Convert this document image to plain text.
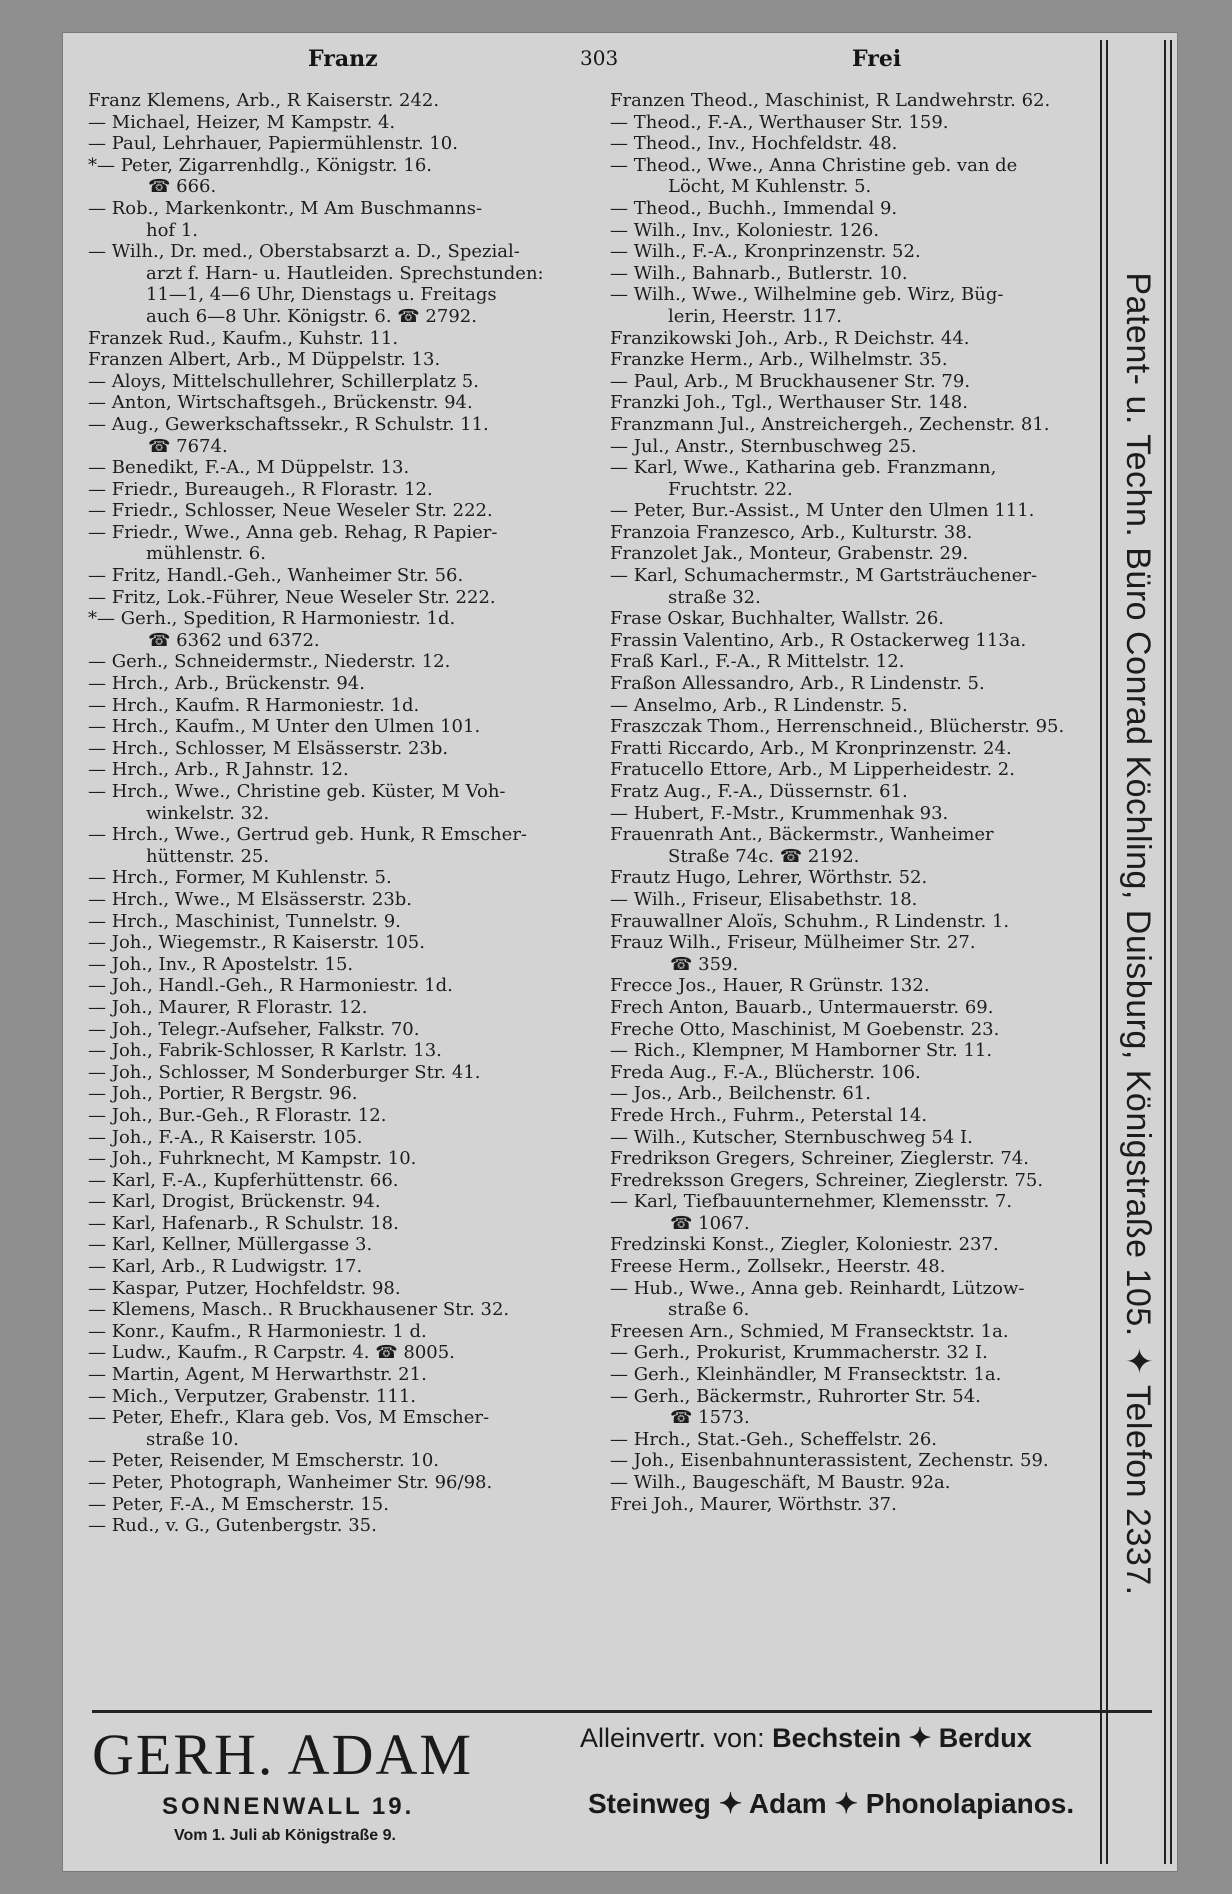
Franz	303	Frei
Franz Klemens, Arb., R Kaiserstr. 242.
— Michael, Heizer, M Kampstr. 4.
— Paul, Lehrhauer, Papiermühlenstr. 10.
*— Peter, Zigarrenhdlg., Königstr. 16.
☎ 666.
— Rob., Markenkontr., M Am Buschmanns-
hof 1.
— Wilh., Dr. med., Oberstabsarzt a. D., Spezial-
arzt f. Harn- u. Hautleiden. Sprechstunden:
11—1, 4—6 Uhr, Dienstags u. Freitags
auch 6—8 Uhr. Königstr. 6. ☎ 2792.
Franzek Rud., Kaufm., Kuhstr. 11.
Franzen Albert, Arb., M Düppelstr. 13.
— Aloys, Mittelschullehrer, Schillerplatz 5.
— Anton, Wirtschaftsgeh., Brückenstr. 94.
— Aug., Gewerkschaftssekr., R Schulstr. 11.
☎ 7674.
— Benedikt, F.-A., M Düppelstr. 13.
— Friedr., Bureaugeh., R Florastr. 12.
— Friedr., Schlosser, Neue Weseler Str. 222.
— Friedr., Wwe., Anna geb. Rehag, R Papier-
mühlenstr. 6.
— Fritz, Handl.-Geh., Wanheimer Str. 56.
— Fritz, Lok.-Führer, Neue Weseler Str. 222.
*— Gerh., Spedition, R Harmoniestr. 1d.
☎ 6362 und 6372.
— Gerh., Schneidermstr., Niederstr. 12.
— Hrch., Arb., Brückenstr. 94.
— Hrch., Kaufm. R Harmoniestr. 1d.
— Hrch., Kaufm., M Unter den Ulmen 101.
— Hrch., Schlosser, M Elsässerstr. 23b.
— Hrch., Arb., R Jahnstr. 12.
— Hrch., Wwe., Christine geb. Küster, M Voh-
winkelstr. 32.
— Hrch., Wwe., Gertrud geb. Hunk, R Emscher-
hüttenstr. 25.
— Hrch., Former, M Kuhlenstr. 5.
— Hrch., Wwe., M Elsässerstr. 23b.
— Hrch., Maschinist, Tunnelstr. 9.
— Joh., Wiegemstr., R Kaiserstr. 105.
— Joh., Inv., R Apostelstr. 15.
— Joh., Handl.-Geh., R Harmoniestr. 1d.
— Joh., Maurer, R Florastr. 12.
— Joh., Telegr.-Aufseher, Falkstr. 70.
— Joh., Fabrik-Schlosser, R Karlstr. 13.
— Joh., Schlosser, M Sonderburger Str. 41.
— Joh., Portier, R Bergstr. 96.
— Joh., Bur.-Geh., R Florastr. 12.
— Joh., F.-A., R Kaiserstr. 105.
— Joh., Fuhrknecht, M Kampstr. 10.
— Karl, F.-A., Kupferhüttenstr. 66.
— Karl, Drogist, Brückenstr. 94.
— Karl, Hafenarb., R Schulstr. 18.
— Karl, Kellner, Müllergasse 3.
— Karl, Arb., R Ludwigstr. 17.
— Kaspar, Putzer, Hochfeldstr. 98.
— Klemens, Masch.. R Bruckhausener Str. 32.
— Konr., Kaufm., R Harmoniestr. 1 d.
— Ludw., Kaufm., R Carpstr. 4. ☎ 8005.
— Martin, Agent, M Herwarthstr. 21.
— Mich., Verputzer, Grabenstr. 111.
— Peter, Ehefr., Klara geb. Vos, M Emscher-
straße 10.
— Peter, Reisender, M Emscherstr. 10.
— Peter, Photograph, Wanheimer Str. 96/98.
— Peter, F.-A., M Emscherstr. 15.
— Rud., v. G., Gutenbergstr. 35.
Franzen Theod., Maschinist, R Landwehrstr. 62.
— Theod., F.-A., Werthauser Str. 159.
— Theod., Inv., Hochfeldstr. 48.
— Theod., Wwe., Anna Christine geb. van de
Löcht, M Kuhlenstr. 5.
— Theod., Buchh., Immendal 9.
— Wilh., Inv., Koloniestr. 126.
— Wilh., F.-A., Kronprinzenstr. 52.
— Wilh., Bahnarb., Butlerstr. 10.
— Wilh., Wwe., Wilhelmine geb. Wirz, Büg-
lerin, Heerstr. 117.
Franzikowski Joh., Arb., R Deichstr. 44.
Franzke Herm., Arb., Wilhelmstr. 35.
— Paul, Arb., M Bruckhausener Str. 79.
Franzki Joh., Tgl., Werthauser Str. 148.
Franzmann Jul., Anstreichergeh., Zechenstr. 81.
— Jul., Anstr., Sternbuschweg 25.
— Karl, Wwe., Katharina geb. Franzmann,
Fruchtstr. 22.
— Peter, Bur.-Assist., M Unter den Ulmen 111.
Franzoia Franzesco, Arb., Kulturstr. 38.
Franzolet Jak., Monteur, Grabenstr. 29.
— Karl, Schumachermstr., M Gartsträuchener-
straße 32.
Frase Oskar, Buchhalter, Wallstr. 26.
Frassin Valentino, Arb., R Ostackerweg 113a.
Fraß Karl., F.-A., R Mittelstr. 12.
Fraßon Allessandro, Arb., R Lindenstr. 5.
— Anselmo, Arb., R Lindenstr. 5.
Fraszczak Thom., Herrenschneid., Blücherstr. 95.
Fratti Riccardo, Arb., M Kronprinzenstr. 24.
Fratucello Ettore, Arb., M Lipperheidestr. 2.
Fratz Aug., F.-A., Düssernstr. 61.
— Hubert, F.-Mstr., Krummenhak 93.
Frauenrath Ant., Bäckermstr., Wanheimer
Straße 74c. ☎ 2192.
Frautz Hugo, Lehrer, Wörthstr. 52.
— Wilh., Friseur, Elisabethstr. 18.
Frauwallner Aloïs, Schuhm., R Lindenstr. 1.
Frauz Wilh., Friseur, Mülheimer Str. 27.
☎ 359.
Frecce Jos., Hauer, R Grünstr. 132.
Frech Anton, Bauarb., Untermauerstr. 69.
Freche Otto, Maschinist, M Goebenstr. 23.
— Rich., Klempner, M Hamborner Str. 11.
Freda Aug., F.-A., Blücherstr. 106.
— Jos., Arb., Beilchenstr. 61.
Frede Hrch., Fuhrm., Peterstal 14.
— Wilh., Kutscher, Sternbuschweg 54 I.
Fredrikson Gregers, Schreiner, Zieglerstr. 74.
Fredreksson Gregers, Schreiner, Zieglerstr. 75.
— Karl, Tiefbauunternehmer, Klemensstr. 7.
☎ 1067.
Fredzinski Konst., Ziegler, Koloniestr. 237.
Freese Herm., Zollsekr., Heerstr. 48.
— Hub., Wwe., Anna geb. Reinhardt, Lützow-
straße 6.
Freesen Arn., Schmied, M Fransecktstr. 1a.
— Gerh., Prokurist, Krummacherstr. 32 I.
— Gerh., Kleinhändler, M Fransecktstr. 1a.
— Gerh., Bäckermstr., Ruhrorter Str. 54.
☎ 1573.
— Hrch., Stat.-Geh., Scheffelstr. 26.
— Joh., Eisenbahnunterassistent, Zechenstr. 59.
— Wilh., Baugeschäft, M Baustr. 92a.
Frei Joh., Maurer, Wörthstr. 37.	Patent- u. Techn. Büro Conrad Köchling, Duisburg, Königstraße 105. ✦ Telefon 2337.
GERH. ADAM
SONNENWALL 19.
Vom 1. Juli ab Königstraße 9.
Alleinvertr. von: Bechstein ✦ Berdux
Steinweg ✦ Adam ✦ Phonolapianos.
